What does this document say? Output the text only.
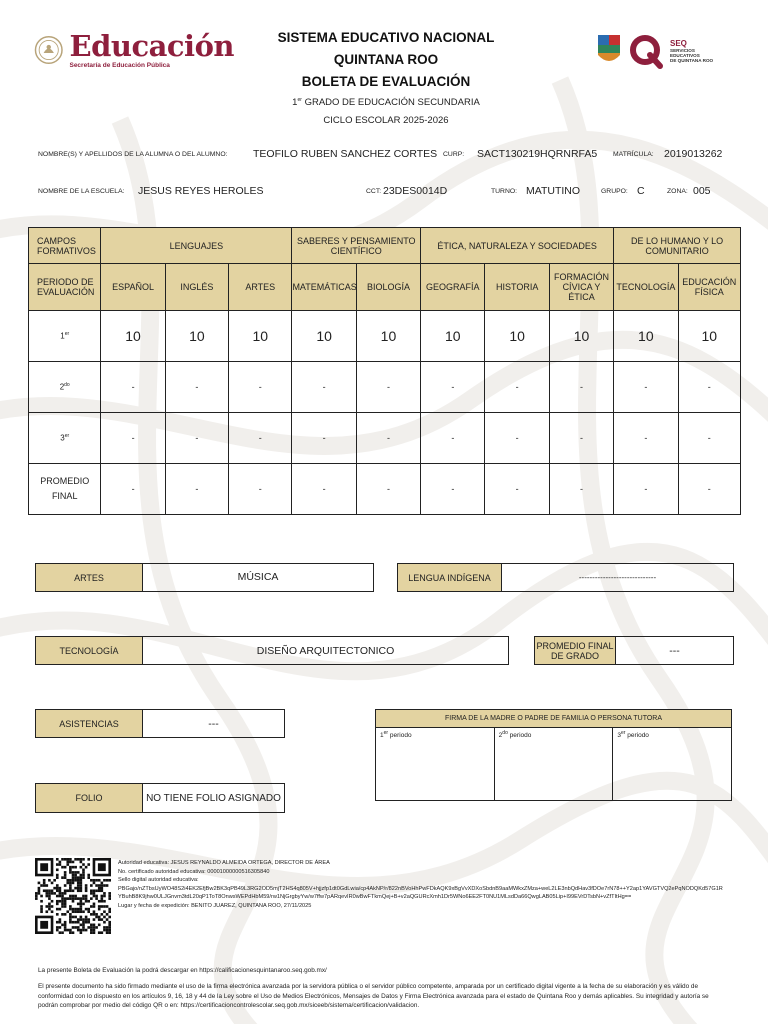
Educación
Secretaría de Educación Pública
SISTEMA EDUCATIVO NACIONAL
QUINTANA ROO
BOLETA DE EVALUACIÓN
1er GRADO DE EDUCACIÓN SECUNDARIA
CICLO ESCOLAR 2025-2026
SEQ
SERVICIOS
EDUCATIVOS
DE QUINTANA ROO
NOMBRE(S) Y APELLIDOS DE LA ALUMNA O DEL ALUMNO: TEOFILO RUBEN SANCHEZ CORTES CURP: SACT130219HQRNRFA5 MATRÍCULA: 2019013262
NOMBRE DE LA ESCUELA: JESUS REYES HEROLES	CCT: 23DES0014D	TURNO: MATUTINO	GRUPO: C	ZONA: 005
CAMPOS FORMATIVOS	LENGUAJES			SABERES Y PENSAMIENTO CIENTÍFICO		ÉTICA, NATURALEZA Y SOCIEDADES			DE LO HUMANO Y LO COMUNITARIO	
PERIODO DE EVALUACIÓN	ESPAÑOL	INGLÉS	ARTES	MATEMÁTICAS	BIOLOGÍA	GEOGRAFÍA	HISTORIA	FORMACIÓN CÍVICA Y ÉTICA	TECNOLOGÍA	EDUCACIÓN FÍSICA
1er	10	10	10	10	10	10	10	10	10	10
$2^{do}$	-	-	-	-	-	-	-	-	-	-
3er	-	-	-	-	-	-	-	-	-	-
PROMEDIO FINAL	-	-	-	-	-	-	-	-	-	-
ARTES	MÚSICA	LENGUA INDÍGENA	-----------------------------
TECNOLOGÍA	DISEÑO ARQUITECTONICO	PROMEDIO FINAL DE GRADO	---
ASISTENCIAS	---
FOLIO	NO TIENE FOLIO ASIGNADO
FIRMA DE LA MADRE O PADRE DE FAMILIA O PERSONA TUTORA
1er periodo	$2^{do}$ periodo	3er periodo
Autoridad educativa: JESUS REYNALDO ALMEIDA ORTEGA, DIRECTOR DE ÁREA
No. certificado autoridad educativa: 00001000000516305840
Sello digital autoridad educativa:
PBGajo/nZTbsUyWO48S2i4EK2EfjBw2BK3qPB49L3RG2OD5mjT2HS4q805V+hjjzfp1dt0GdLwia/cp4AkNP/r/822nBVoHhPwFDkAQK9xBgVvXDXoSbdnB9aaMWkxZMza+weL2LE3nbQdHav3fDOe7rN78++Y2ap1YAVGTVQ2ePqNODQKd57G1RYBuhB8K9jhw0ULJGnvm3tdL20qP1ToT8OnwsWEPdHbM59/rw1NjGrgbyYw/w7ffw7pARqevIR0wBwFTkmQej+B+v2aQGURcXmh1Dr5WNo6EE2FT0NU1MLsdDa66QwgLAB05Lip+I99EVrDTsbN+vZfTItHg==
Lugar y fecha de expedición: BENITO JUAREZ, QUINTANA ROO, 27/11/2025
La presente Boleta de Evaluación la podrá descargar en https://calificacionesquintanaroo.seq.gob.mx/
El presente documento ha sido firmado mediante el uso de la firma electrónica avanzada por la servidora pública o el servidor público competente, amparada por un certificado digital vigente a la fecha de su elaboración y es válido de conformidad con lo dispuesto en los artículos 9, 16, 18 y 44 de la Ley sobre el Uso de Medios Electrónicos, Mensajes de Datos y Firma Electrónica avanzada para el estado de Quintana Roo y demás aplicables. Su integridad y autoría se podrán comprobar por medio del código QR o en: https://certificacioncontrolescolar.seq.gob.mx/siceeb/sistema/certificacion/validacion.
